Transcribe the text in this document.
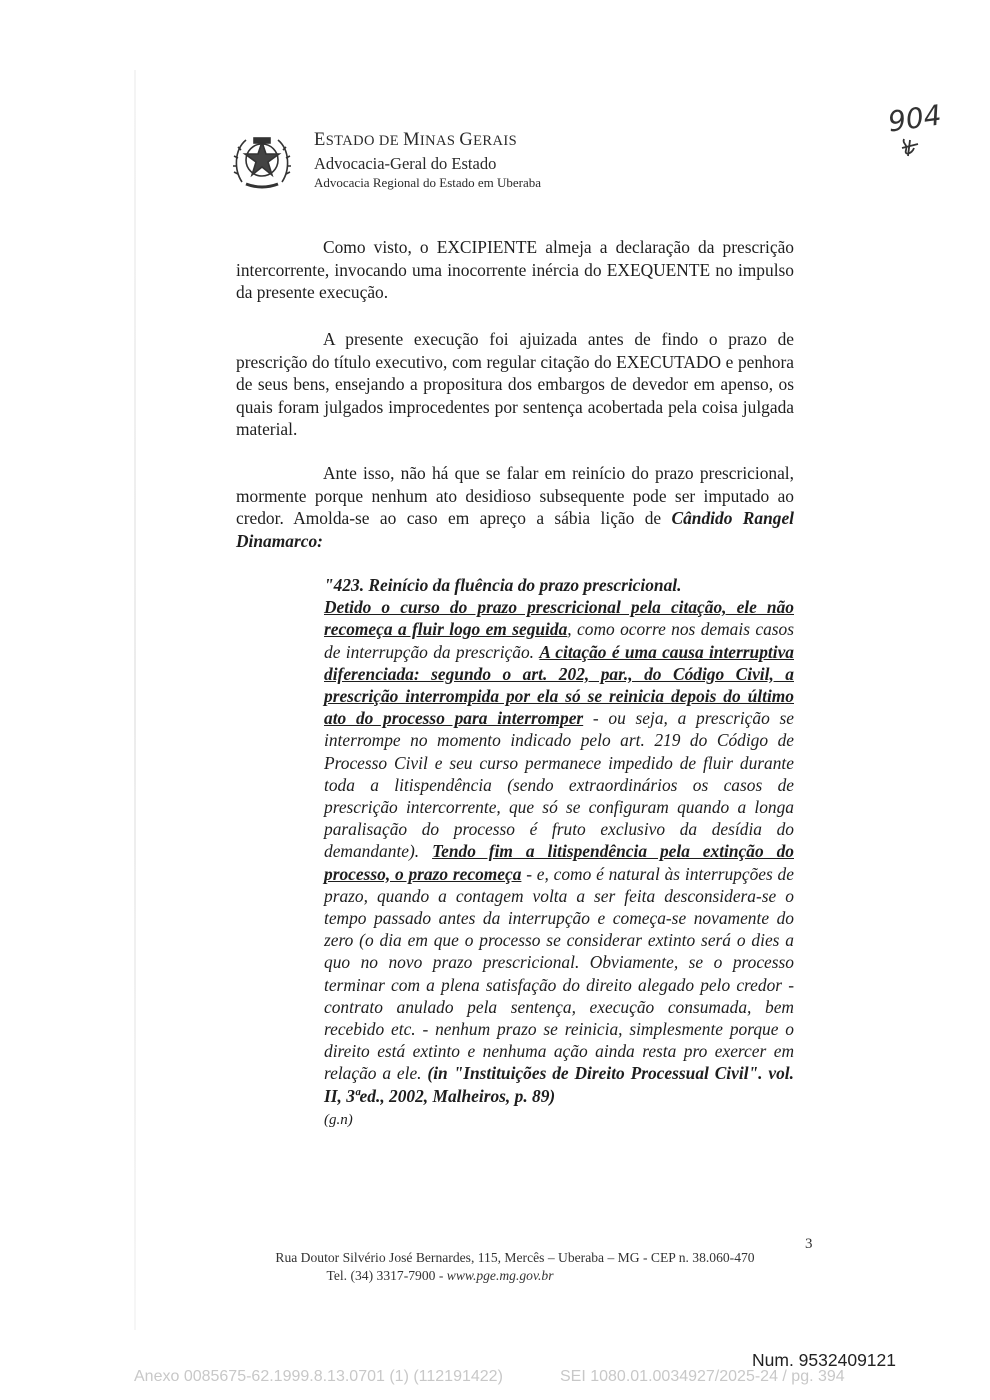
ESTADO DE MINAS GERAIS
Advocacia-Geral do Estado
Advocacia Regional do Estado em Uberaba
904

Como visto, o EXCIPIENTE almeja a declaração da prescrição intercorrente, invocando uma inocorrente inércia do EXEQUENTE no impulso da presente execução.

A presente execução foi ajuizada antes de findo o prazo de prescrição do título executivo, com regular citação do EXECUTADO e penhora de seus bens, ensejando a propositura dos embargos de devedor em apenso, os quais foram julgados improcedentes por sentença acobertada pela coisa julgada material.

Ante isso, não há que se falar em reinício do prazo prescricional, mormente porque nenhum ato desidioso subsequente pode ser imputado ao credor. Amolda-se ao caso em apreço a sábia lição de Cândido Rangel Dinamarco:

"423. Reinício da fluência do prazo prescricional.
Detido o curso do prazo prescricional pela citação, ele não recomeça a fluir logo em seguida, como ocorre nos demais casos de interrupção da prescrição. A citação é uma causa interruptiva diferenciada: segundo o art. 202, par., do Código Civil, a prescrição interrompida por ela só se reinicia depois do último ato do processo para interromper - ou seja, a prescrição se interrompe no momento indicado pelo art. 219 do Código de Processo Civil e seu curso permanece impedido de fluir durante toda a litispendência (sendo extraordinários os casos de prescrição intercorrente, que só se configuram quando a longa paralisação do processo é fruto exclusivo da desídia do demandante). Tendo fim a litispendência pela extinção do processo, o prazo recomeça - e, como é natural às interrupções de prazo, quando a contagem volta a ser feita desconsidera-se o tempo passado antes da interrupção e começa-se novamente do zero (o dia em que o processo se considerar extinto será o dies a quo no novo prazo prescricional. Obviamente, se o processo terminar com a plena satisfação do direito alegado pelo credor - contrato anulado pela sentença, execução consumada, bem recebido etc. - nenhum prazo se reinicia, simplesmente porque o direito está extinto e nenhuma ação ainda resta pro exercer em relação a ele. (in "Instituições de Direito Processual Civil". vol. II, 3ªed., 2002, Malheiros, p. 89)
(g.n)

3
Rua Doutor Silvério José Bernardes, 115, Mercês – Uberaba – MG - CEP n. 38.060-470
Tel. (34) 3317-7900 - www.pge.mg.gov.br
Num. 9532409121
Anexo 0085675-62.1999.8.13.0701 (1) (112191422)	SEI 1080.01.0034927/2025-24 / pg. 394
